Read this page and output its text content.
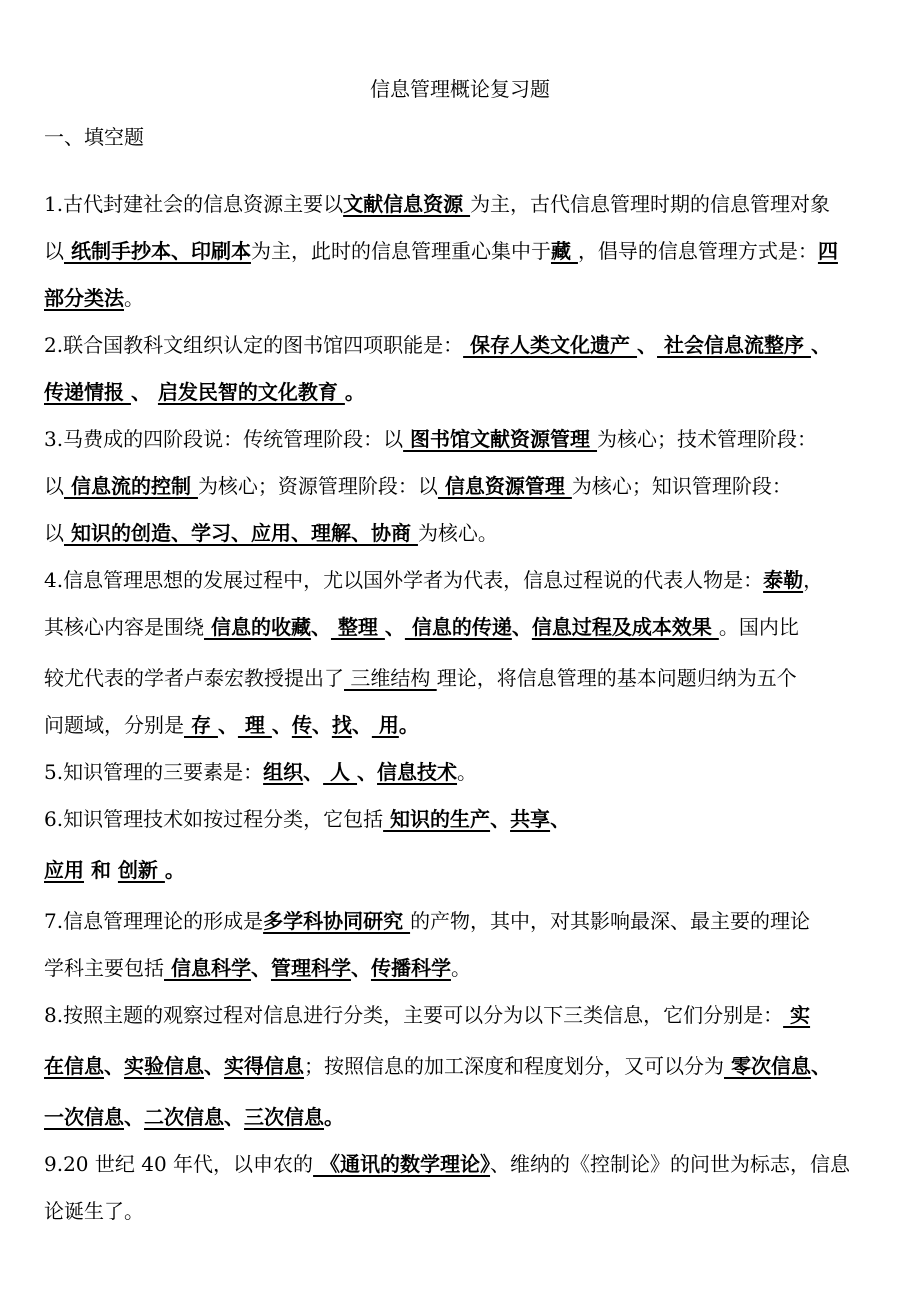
信息管理概论复习题
一、填空题
1.古代封建社会的信息资源主要以文献信息资源 为主，古代信息管理时期的信息管理对象
以 纸制手抄本、印刷本为主，此时的信息管理重心集中于藏 ，倡导的信息管理方式是：四
部分类法。
2.联合国教科文组织认定的图书馆四项职能是： 保存人类文化遗产 、 社会信息流整序 、
传递情报 、 启发民智的文化教育 。
3.马费成的四阶段说：传统管理阶段：以 图书馆文献资源管理 为核心；技术管理阶段：
以 信息流的控制 为核心；资源管理阶段：以 信息资源管理 为核心；知识管理阶段：
以 知识的创造、学习、应用、理解、协商 为核心。
4.信息管理思想的发展过程中，尤以国外学者为代表，信息过程说的代表人物是：泰勒，
其核心内容是围绕 信息的收藏、 整理 、 信息的传递、信息过程及成本效果 。国内比
较尤代表的学者卢泰宏教授提出了 三维结构 理论，将信息管理的基本问题归纳为五个
问题域，分别是 存 、 理 、传、找、 用。
5.知识管理的三要素是：组织、 人 、信息技术。
6.知识管理技术如按过程分类，它包括 知识的生产、共享、
应用 和 创新 。
7.信息管理理论的形成是多学科协同研究 的产物，其中，对其影响最深、最主要的理论
学科主要包括 信息科学、管理科学、传播科学。
8.按照主题的观察过程对信息进行分类，主要可以分为以下三类信息，它们分别是： 实
在信息、实验信息、实得信息；按照信息的加工深度和程度划分，又可以分为 零次信息、
一次信息、二次信息、三次信息。
9.20 世纪 40 年代，以申农的 《通讯的数学理论》、维纳的《控制论》的问世为标志，信息
论诞生了。
